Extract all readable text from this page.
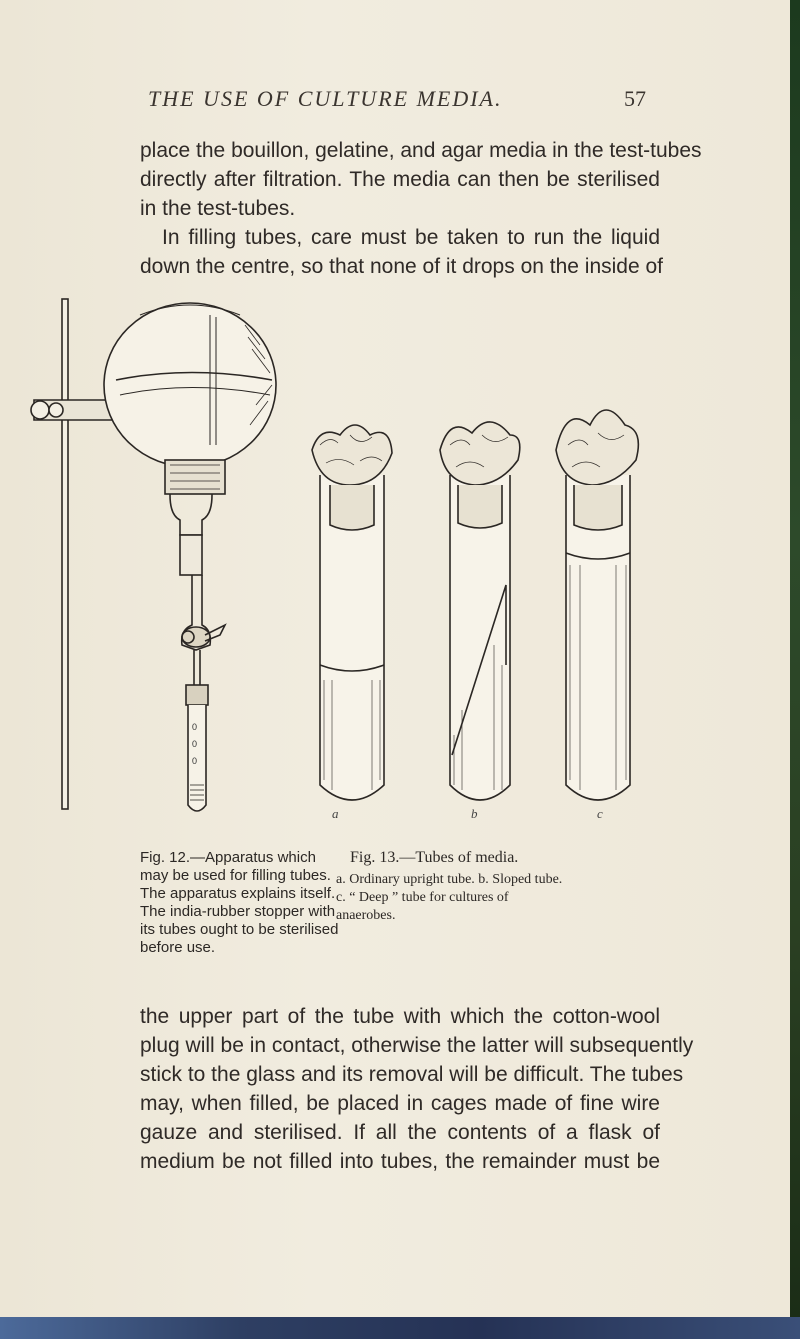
THE USE OF CULTURE MEDIA.	57
place the bouillon, gelatine, and agar media in the test-tubes
directly after filtration. The media can then be sterilised
in the test-tubes.
In filling tubes, care must be taken to run the liquid
down the centre, so that none of it drops on the inside of
0
0
0
a	b	c
Fig. 12.—Apparatus which
may be used for filling tubes.
The apparatus explains itself.
The india-rubber stopper with
its tubes ought to be sterilised
before use.
Fig. 13.—Tubes of media.
a. Ordinary upright tube. b. Sloped tube.
c. “ Deep ” tube for cultures of
anaerobes.
the upper part of the tube with which the cotton-wool
plug will be in contact, otherwise the latter will subsequently
stick to the glass and its removal will be difficult. The tubes
may, when filled, be placed in cages made of fine wire
gauze and sterilised. If all the contents of a flask of
medium be not filled into tubes, the remainder must be
